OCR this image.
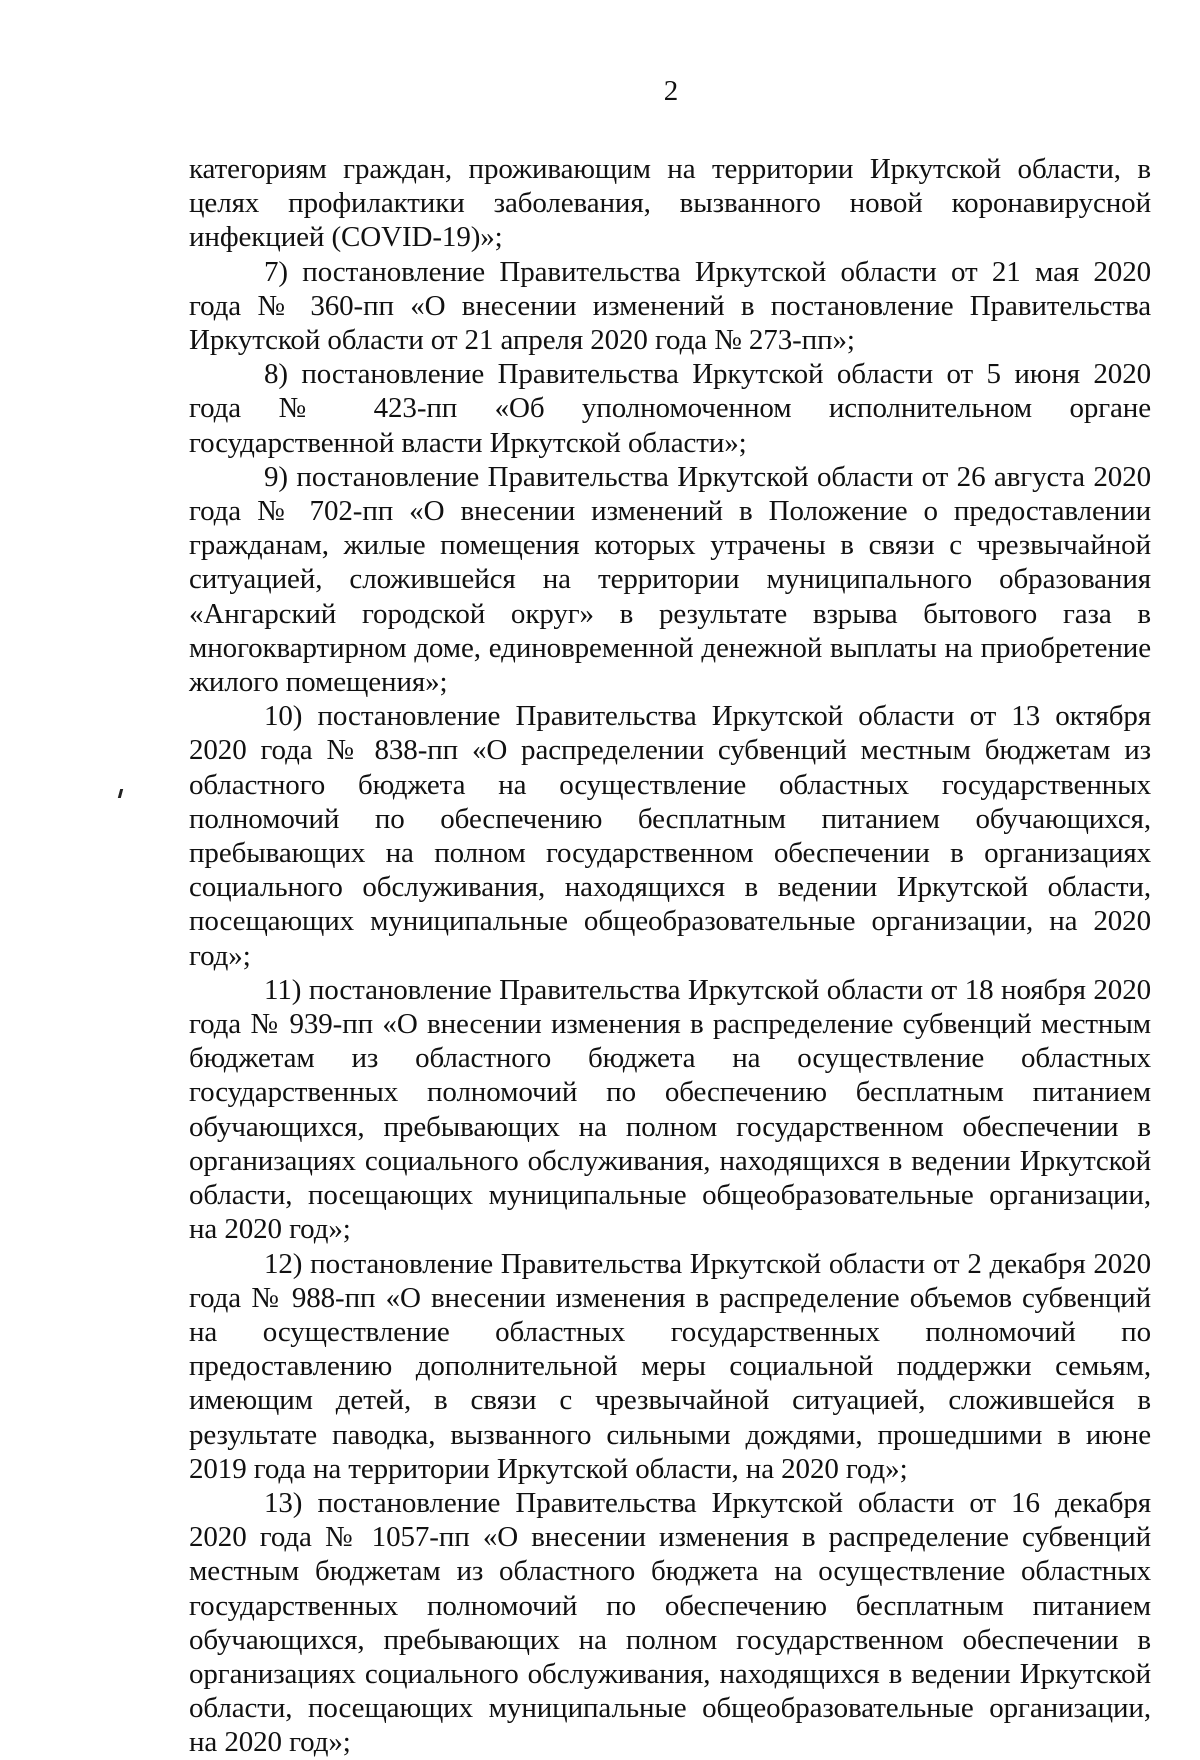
2

категориям граждан, проживающим на территории Иркутской области, в целях профилактики заболевания, вызванного новой коронавирусной инфекцией (COVID-19)»;

7) постановление Правительства Иркутской области от 21 мая 2020 года № 360-пп «О внесении изменений в постановление Правительства Иркутской области от 21 апреля 2020 года № 273-пп»;

8) постановление Правительства Иркутской области от 5 июня 2020 года № 423-пп «Об уполномоченном исполнительном органе государственной власти Иркутской области»;

9) постановление Правительства Иркутской области от 26 августа 2020 года № 702-пп «О внесении изменений в Положение о предоставлении гражданам, жилые помещения которых утрачены в связи с чрезвычайной ситуацией, сложившейся на территории муниципального образования «Ангарский городской округ» в результате взрыва бытового газа в многоквартирном доме, единовременной денежной выплаты на приобретение жилого помещения»;

10) постановление Правительства Иркутской области от 13 октября 2020 года № 838-пп «О распределении субвенций местным бюджетам из областного бюджета на осуществление областных государственных полномочий по обеспечению бесплатным питанием обучающихся, пребывающих на полном государственном обеспечении в организациях социального обслуживания, находящихся в ведении Иркутской области, посещающих муниципальные общеобразовательные организации, на 2020 год»;

11) постановление Правительства Иркутской области от 18 ноября 2020 года № 939-пп «О внесении изменения в распределение субвенций местным бюджетам из областного бюджета на осуществление областных государственных полномочий по обеспечению бесплатным питанием обучающихся, пребывающих на полном государственном обеспечении в организациях социального обслуживания, находящихся в ведении Иркутской области, посещающих муниципальные общеобразовательные организации, на 2020 год»;

12) постановление Правительства Иркутской области от 2 декабря 2020 года № 988-пп «О внесении изменения в распределение объемов субвенций на осуществление областных государственных полномочий по предоставлению дополнительной меры социальной поддержки семьям, имеющим детей, в связи с чрезвычайной ситуацией, сложившейся в результате паводка, вызванного сильными дождями, прошедшими в июне 2019 года на территории Иркутской области, на 2020 год»;

13) постановление Правительства Иркутской области от 16 декабря 2020 года № 1057-пп «О внесении изменения в распределение субвенций местным бюджетам из областного бюджета на осуществление областных государственных полномочий по обеспечению бесплатным питанием обучающихся, пребывающих на полном государственном обеспечении в организациях социального обслуживания, находящихся в ведении Иркутской области, посещающих муниципальные общеобразовательные организации, на 2020 год»;
